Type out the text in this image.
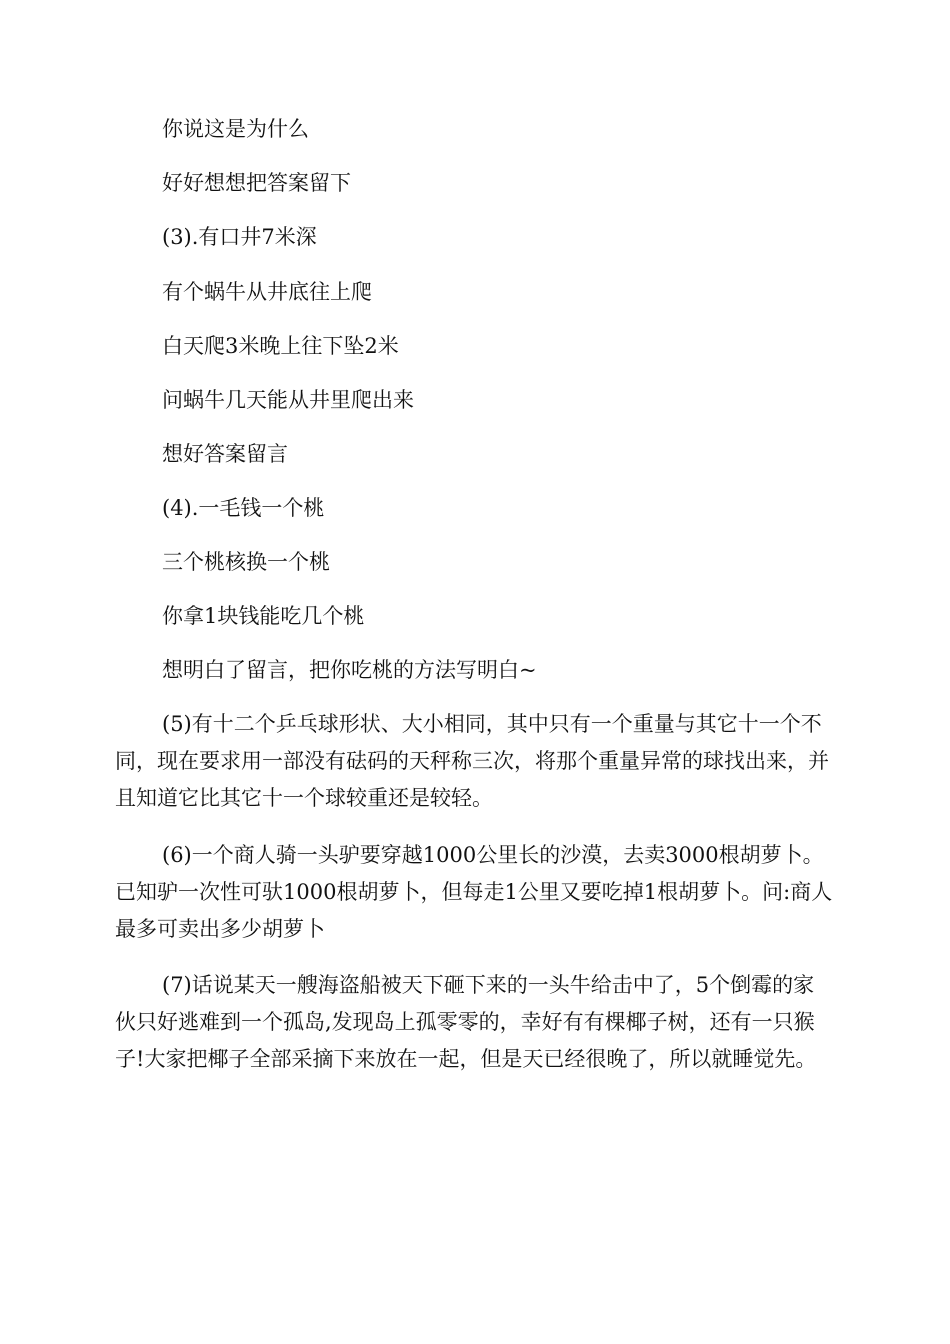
你说这是为什么
好好想想把答案留下
(3).有口井7米深
有个蜗牛从井底往上爬
白天爬3米晚上往下坠2米
问蜗牛几天能从井里爬出来
想好答案留言
(4).一毛钱一个桃
三个桃核换一个桃
你拿1块钱能吃几个桃
想明白了留言，把你吃桃的方法写明白~

(5)有十二个乒乓球形状、大小相同，其中只有一个重量与其它十一个不同，现在要求用一部没有砝码的天秤称三次，将那个重量异常的球找出来，并且知道它比其它十一个球较重还是较轻。

(6)一个商人骑一头驴要穿越1000公里长的沙漠，去卖3000根胡萝卜。已知驴一次性可驮1000根胡萝卜，但每走1公里又要吃掉1根胡萝卜。问:商人最多可卖出多少胡萝卜

(7)话说某天一艘海盗船被天下砸下来的一头牛给击中了，5个倒霉的家伙只好逃难到一个孤岛,发现岛上孤零零的，幸好有有棵椰子树，还有一只猴子!大家把椰子全部采摘下来放在一起，但是天已经很晚了，所以就睡觉先。
